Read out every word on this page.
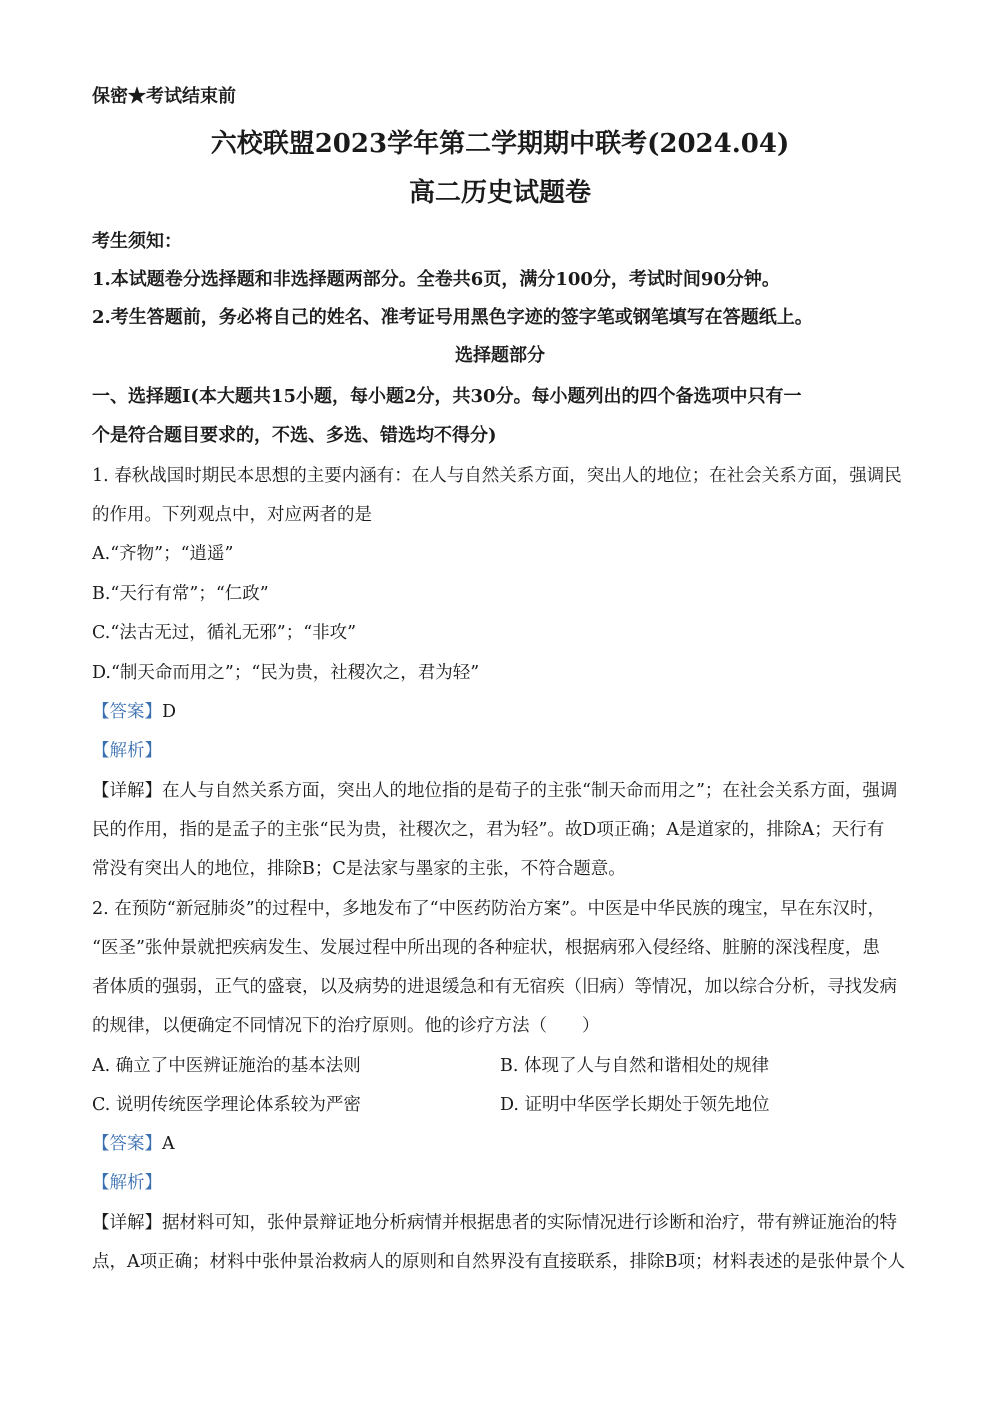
保密★考试结束前
六校联盟2023学年第二学期期中联考(2024.04)
高二历史试题卷
考生须知：
1.本试题卷分选择题和非选择题两部分。全卷共6页，满分100分，考试时间90分钟。
2.考生答题前，务必将自己的姓名、准考证号用黑色字迹的签字笔或钢笔填写在答题纸上。
选择题部分
一、选择题Ⅰ(本大题共15小题，每小题2分，共30分。每小题列出的四个备选项中只有一
个是符合题目要求的，不选、多选、错选均不得分)
1. 春秋战国时期民本思想的主要内涵有：在人与自然关系方面，突出人的地位；在社会关系方面，强调民
的作用。下列观点中，对应两者的是
A.“齐物”；“逍遥”
B.“天行有常”；“仁政”
C.“法古无过，循礼无邪”；“非攻”
D.“制天命而用之”；“民为贵，社稷次之，君为轻”
【答案】D
【解析】
【详解】在人与自然关系方面，突出人的地位指的是荀子的主张“制天命而用之”；在社会关系方面，强调
民的作用，指的是孟子的主张“民为贵，社稷次之，君为轻”。故D项正确；A是道家的，排除A；天行有
常没有突出人的地位，排除B；C是法家与墨家的主张，不符合题意。
2. 在预防“新冠肺炎”的过程中，多地发布了“中医药防治方案”。中医是中华民族的瑰宝，早在东汉时，
“医圣”张仲景就把疾病发生、发展过程中所出现的各种症状，根据病邪入侵经络、脏腑的深浅程度，患
者体质的强弱，正气的盛衰，以及病势的进退缓急和有无宿疾（旧病）等情况，加以综合分析，寻找发病
的规律，以便确定不同情况下的治疗原则。他的诊疗方法（　　）
A. 确立了中医辨证施治的基本法则	B. 体现了人与自然和谐相处的规律
C. 说明传统医学理论体系较为严密	D. 证明中华医学长期处于领先地位
【答案】A
【解析】
【详解】据材料可知，张仲景辩证地分析病情并根据患者的实际情况进行诊断和治疗，带有辨证施治的特
点，A项正确；材料中张仲景治救病人的原则和自然界没有直接联系，排除B项；材料表述的是张仲景个人
